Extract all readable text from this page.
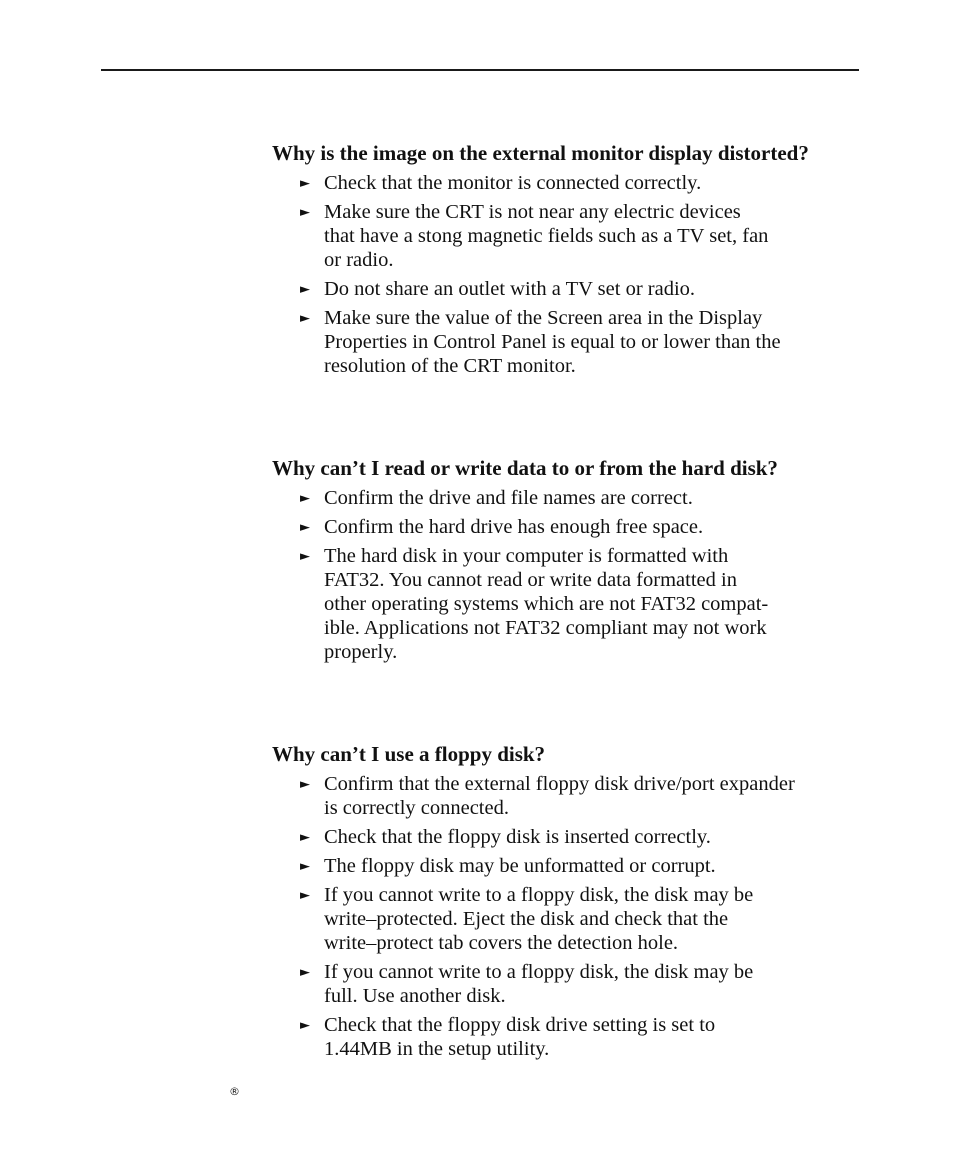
Why is the image on the external monitor display distorted?
► Check that the monitor is connected correctly.
► Make sure the CRT is not near any electric devices
that have a stong magnetic fields such as a TV set, fan
or radio.
► Do not share an outlet with a TV set or radio.
► Make sure the value of the Screen area in the Display
Properties in Control Panel is equal to or lower than the
resolution of the CRT monitor.
Why can’t I read or write data to or from the hard disk?
► Confirm the drive and file names are correct.
► Confirm the hard drive has enough free space.
► The hard disk in your computer is formatted with
FAT32. You cannot read or write data formatted in
other operating systems which are not FAT32 compat-
ible. Applications not FAT32 compliant may not work
properly.
Why can’t I use a floppy disk?
► Confirm that the external floppy disk drive/port expander
is correctly connected.
► Check that the floppy disk is inserted correctly.
► The floppy disk may be unformatted or corrupt.
► If you cannot write to a floppy disk, the disk may be
write–protected. Eject the disk and check that the
write–protect tab covers the detection hole.
► If you cannot write to a floppy disk, the disk may be
full. Use another disk.
► Check that the floppy disk drive setting is set to
1.44MB in the setup utility.
®
